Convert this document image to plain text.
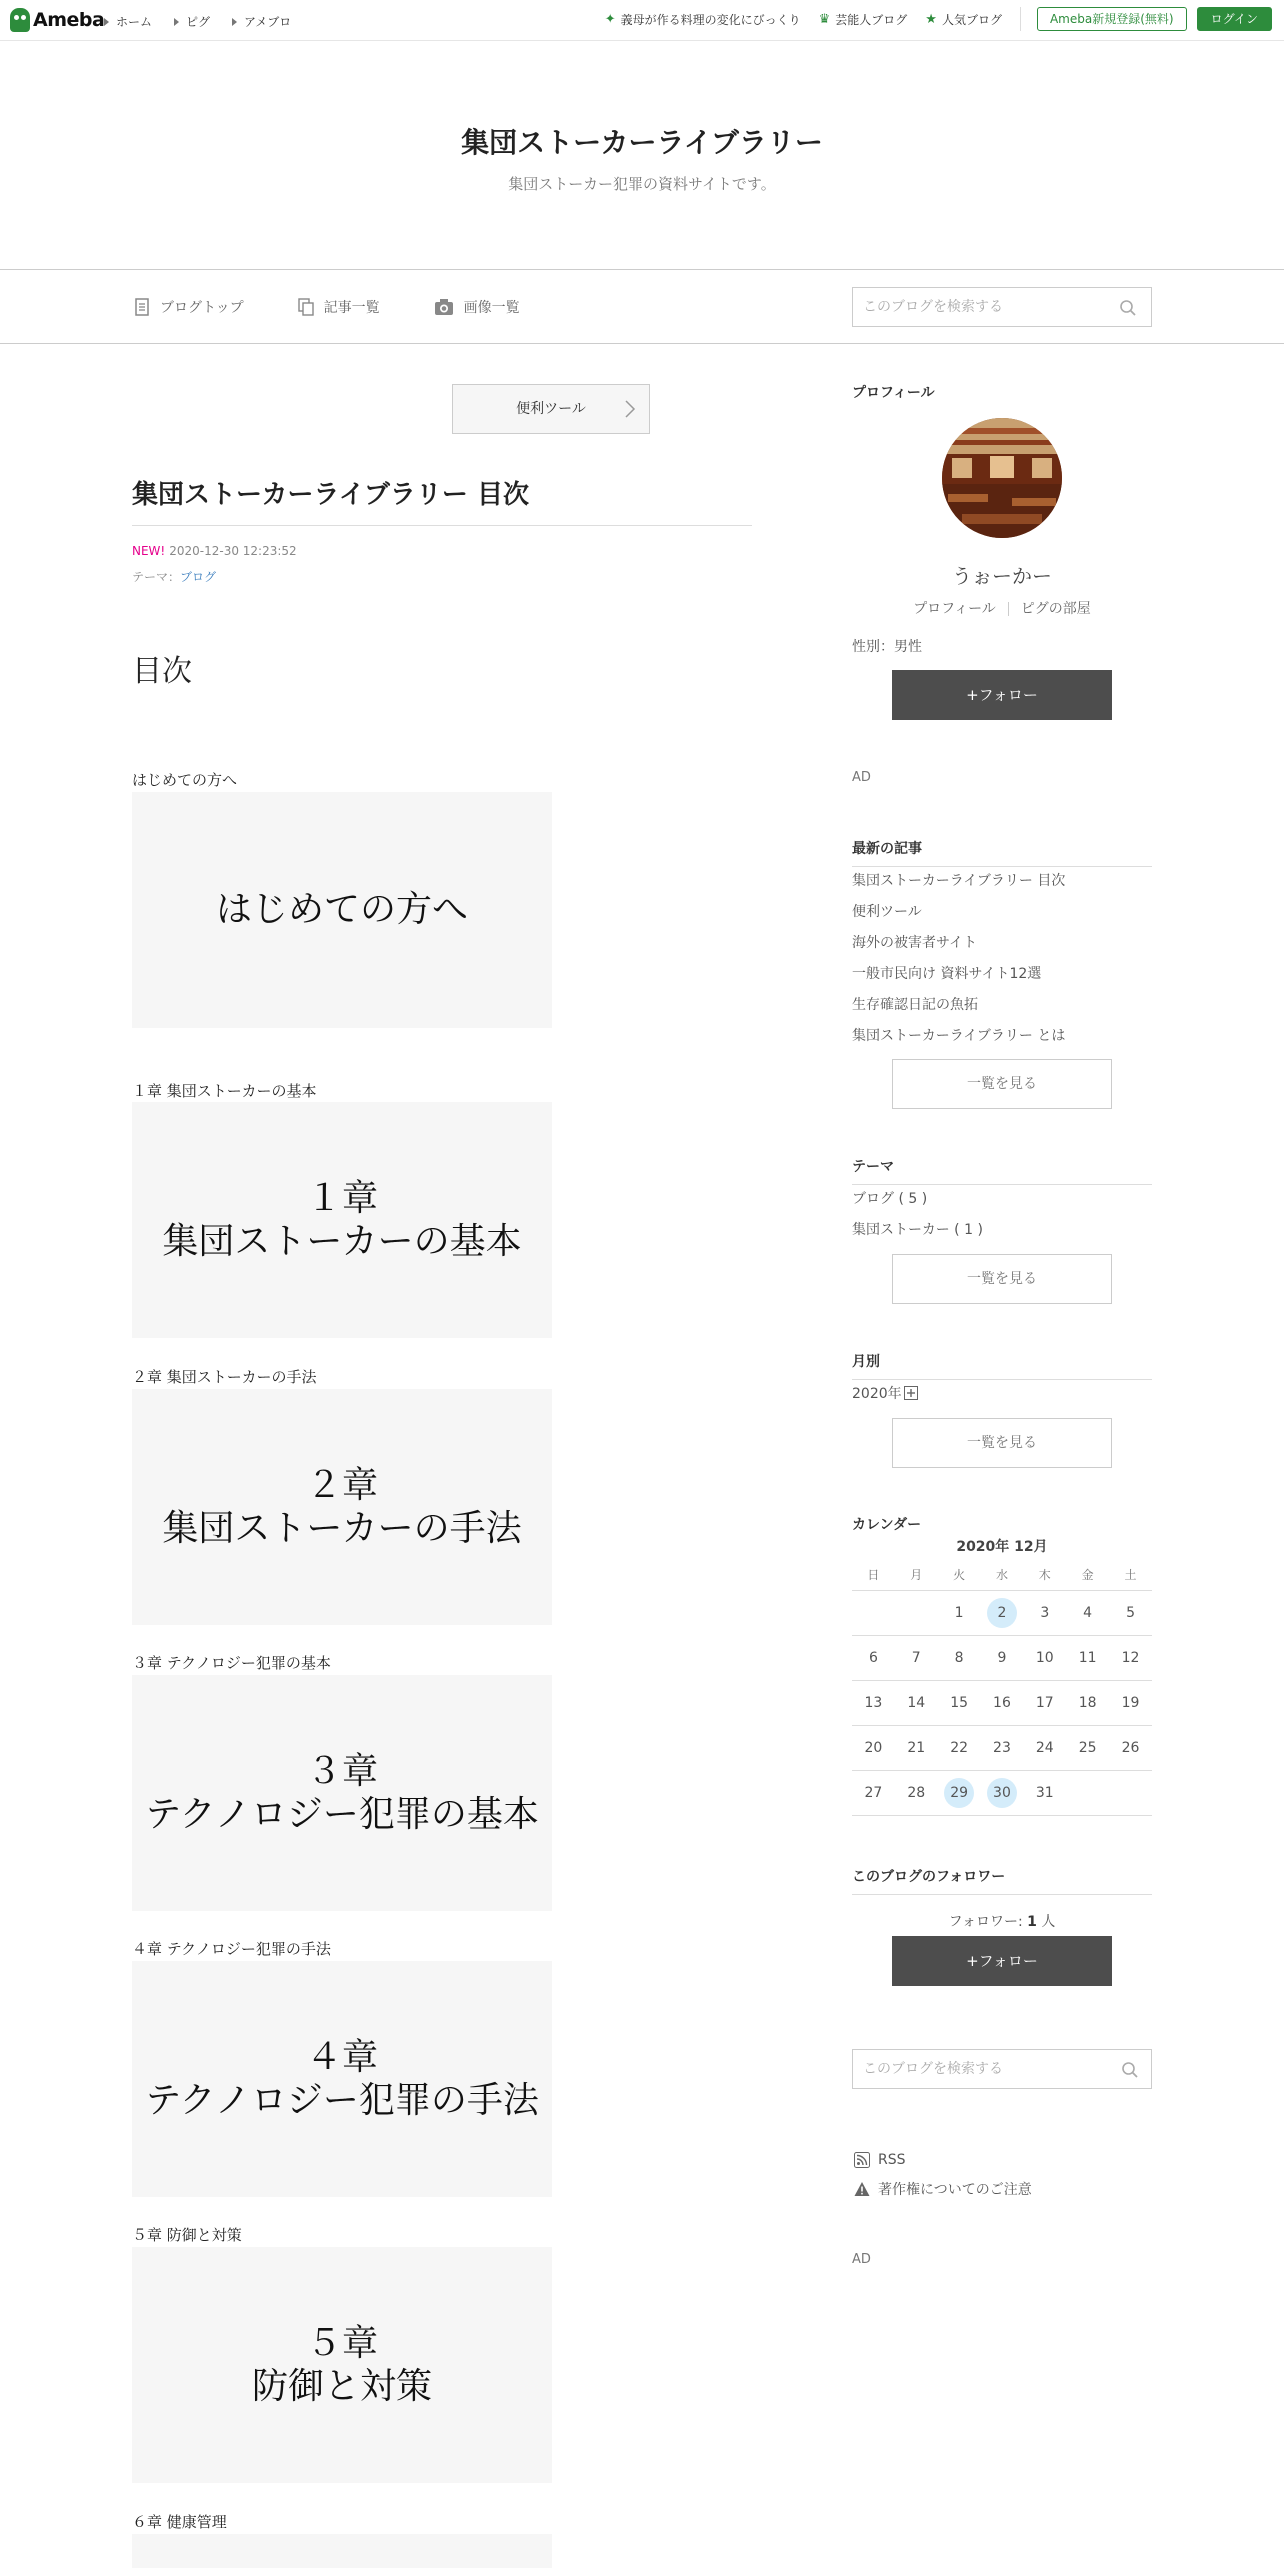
Ameba ホーム	ピグ	アメブロ	✦ 義母が作る料理の変化にびっくり ♛ 芸能人ブログ ★ 人気ブログ	Ameba新規登録(無料)	ログイン
集団ストーカーライブラリー

集団ストーカー犯罪の資料サイトです。

ブログトップ	記事一覧	画像一覧
このブログを検索する
便利ツール
集団ストーカーライブラリー 目次
NEW! 2020-12-30 12:23:52
テーマ：ブログ
目次
はじめての方へ
はじめての方へ
１章 集団ストーカーの基本
１章
集団ストーカーの基本
２章 集団ストーカーの手法
２章
集団ストーカーの手法
３章 テクノロジー犯罪の基本
３章
テクノロジー犯罪の基本
４章 テクノロジー犯罪の手法
４章
テクノロジー犯罪の手法
５章 防御と対策
５章
防御と対策
６章 健康管理
プロフィール
うぉーかー
プロフィール ピグの部屋
性別：男性
+フォロー
AD
最新の記事
集団ストーカーライブラリー 目次
便利ツール
海外の被害者サイト
一般市民向け 資料サイト12選
生存確認日記の魚拓
集団ストーカーライブラリー とは
一覧を見る
テーマ
ブログ ( 5 )
集団ストーカー ( 1 )
一覧を見る
月別
2020年
一覧を見る
カレンダー
2020年 12月
日	月	火	水	木	金	土
		1	2	3	4	5
6	7	8	9	10	11	12
13	14	15	16	17	18	19
20	21	22	23	24	25	26
27	28	29	30	31		
このブログのフォロワー
フォロワー: 1 人
+フォロー
このブログを検索する
RSS
著作権についてのご注意
AD
